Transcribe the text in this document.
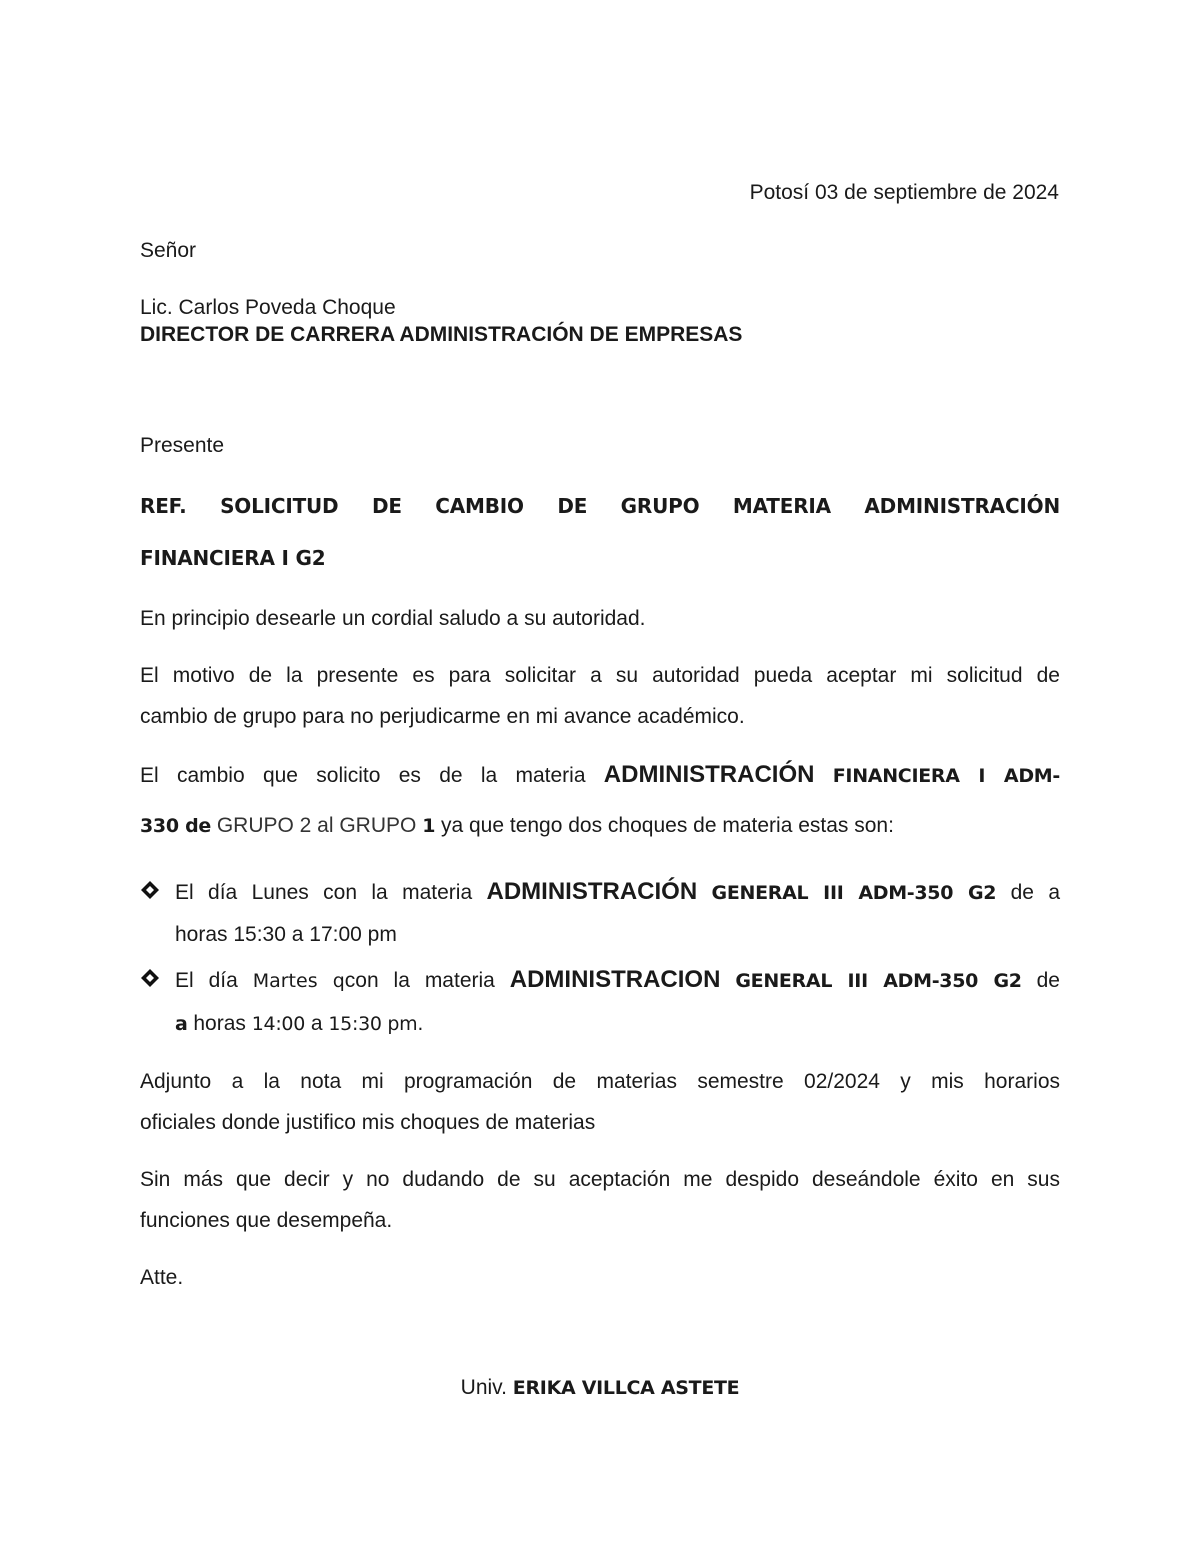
Potosí 03 de septiembre de 2024
Señor
Lic. Carlos Poveda Choque
DIRECTOR DE CARRERA ADMINISTRACIÓN DE EMPRESAS
Presente
REF. SOLICITUD DE CAMBIO DE GRUPO MATERIA ADMINISTRACIÓN
FINANCIERA I G2
En principio desearle un cordial saludo a su autoridad.
El motivo de la presente es para solicitar a su autoridad pueda aceptar mi solicitud de
cambio de grupo para no perjudicarme en mi avance académico.
El cambio que solicito es de la materia ADMINISTRACIÓN FINANCIERA I ADM-
330 de GRUPO 2 al GRUPO 1 ya que tengo dos choques de materia estas son:
El día Lunes con la materia ADMINISTRACIÓN GENERAL III ADM-350 G2 de a
horas 15:30 a 17:00 pm
El día Martes qcon la materia ADMINISTRACION GENERAL III ADM-350 G2 de
a horas 14:00 a 15:30 pm.
Adjunto a la nota mi programación de materias semestre 02/2024 y mis horarios
oficiales donde justifico mis choques de materias
Sin más que decir y no dudando de su aceptación me despido deseándole éxito en sus
funciones que desempeña.
Atte.
Univ. ERIKA VILLCA ASTETE
